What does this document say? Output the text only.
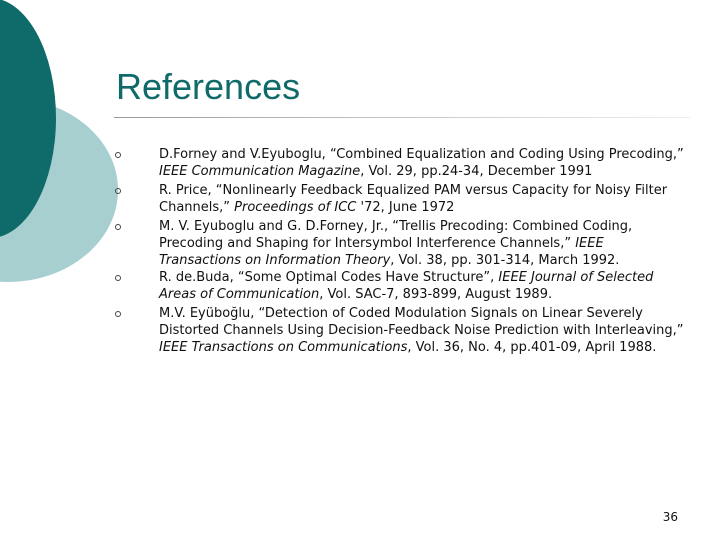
References
D.Forney and V.Eyuboglu, “Combined Equalization and Coding Using Precoding,” IEEE Communication Magazine, Vol. 29, pp.24-34, December 1991
R. Price, “Nonlinearly Feedback Equalized PAM versus Capacity for Noisy Filter Channels,” Proceedings of ICC '72, June 1972
M. V. Eyuboglu and G. D.Forney, Jr., “Trellis Precoding: Combined Coding, Precoding and Shaping for Intersymbol Interference Channels,” IEEE Transactions on Information Theory, Vol. 38, pp. 301-314, March 1992.
R. de.Buda, “Some Optimal Codes Have Structure”, IEEE Journal of Selected Areas of Communication, Vol. SAC-7, 893-899, August 1989.
M.V. Eyüboğlu, “Detection of Coded Modulation Signals on Linear Severely Distorted Channels Using Decision-Feedback Noise Prediction with Interleaving,” IEEE Transactions on Communications, Vol. 36, No. 4, pp.401-09, April 1988.
36
